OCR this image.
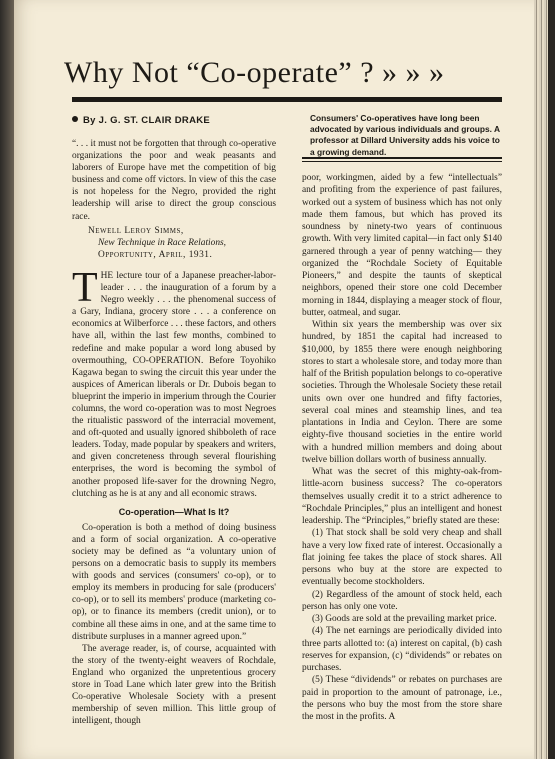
Why Not “Co-operate” ? » » »
By J. G. ST. CLAIR DRAKE	Consumers' Co-operatives have long been advocated by various individuals and groups. A professor at Dillard University adds his voice to a growing demand.

“. . . it must not be forgotten that through co-operative organizations the poor and weak peasants and laborers of Europe have met the competition of big business and come off victors. In view of this the case is not hopeless for the Negro, provided the right leadership will arise to direct the group conscious race.

Newell Leroy Simms,
New Technique in Race Relations,
Opportunity, April, 1931.

THE lecture tour of a Japanese preacher-labor-leader . . . the inauguration of a forum by a Negro weekly . . . the phenomenal success of a Gary, Indiana, grocery store . . . a conference on economics at Wilberforce . . . these factors, and others have all, within the last few months, combined to redefine and make popular a word long abused by overmouthing, CO-OPERATION. Before Toyohiko Kagawa began to swing the circuit this year under the auspices of American liberals or Dr. Dubois began to blueprint the imperio in imperium through the Courier columns, the word co-operation was to most Negroes the ritualistic password of the interracial movement, and oft-quoted and usually ignored shibboleth of race leaders. Today, made popular by speakers and writers, and given concreteness through several flourishing enterprises, the word is becoming the symbol of another proposed life-saver for the drowning Negro, clutching as he is at any and all economic straws.

Co-operation—What Is It?

Co-operation is both a method of doing business and a form of social organization. A co-operative society may be defined as “a voluntary union of persons on a democratic basis to supply its members with goods and services (consumers' co-op), or to employ its members in producing for sale (producers' co-op), or to sell its members' produce (marketing co-op), or to finance its members (credit union), or to combine all these aims in one, and at the same time to distribute surpluses in a manner agreed upon.”

The average reader, is, of course, acquainted with the story of the twenty-eight weavers of Rochdale, England who organized the unpretentious grocery store in Toad Lane which later grew into the British Co-operative Wholesale Society with a present membership of seven million. This little group of intelligent, though

poor, workingmen, aided by a few “intellectuals” and profiting from the experience of past failures, worked out a system of business which has not only made them famous, but which has proved its soundness by ninety-two years of continuous growth. With very limited capital—in fact only $140 garnered through a year of penny watching— they organized the “Rochdale Society of Equitable Pioneers,” and despite the taunts of skeptical neighbors, opened their store one cold December morning in 1844, displaying a meager stock of flour, butter, oatmeal, and sugar.

Within six years the membership was over six hundred, by 1851 the capital had increased to $10,000, by 1855 there were enough neighboring stores to start a wholesale store, and today more than half of the British population belongs to co-operative societies. Through the Wholesale Society these retail units own over one hundred and fifty factories, several coal mines and steamship lines, and tea plantations in India and Ceylon. There are some eighty-five thousand societies in the entire world with a hundred million members and doing about twelve billion dollars worth of business annually.

What was the secret of this mighty-oak-from-little-acorn business success? The co-operators themselves usually credit it to a strict adherence to “Rochdale Principles,” plus an intelligent and honest leadership. The “Principles,” briefly stated are these:

(1) That stock shall be sold very cheap and shall have a very low fixed rate of interest. Occasionally a flat joining fee takes the place of stock shares. All persons who buy at the store are expected to eventually become stockholders.

(2) Regardless of the amount of stock held, each person has only one vote.

(3) Goods are sold at the prevailing market price.

(4) The net earnings are periodically divided into three parts allotted to: (a) interest on capital, (b) cash reserves for expansion, (c) “dividends” or rebates on purchases.

(5) These “dividends” or rebates on purchases are paid in proportion to the amount of patronage, i.e., the persons who buy the most from the store share the most in the profits. A
